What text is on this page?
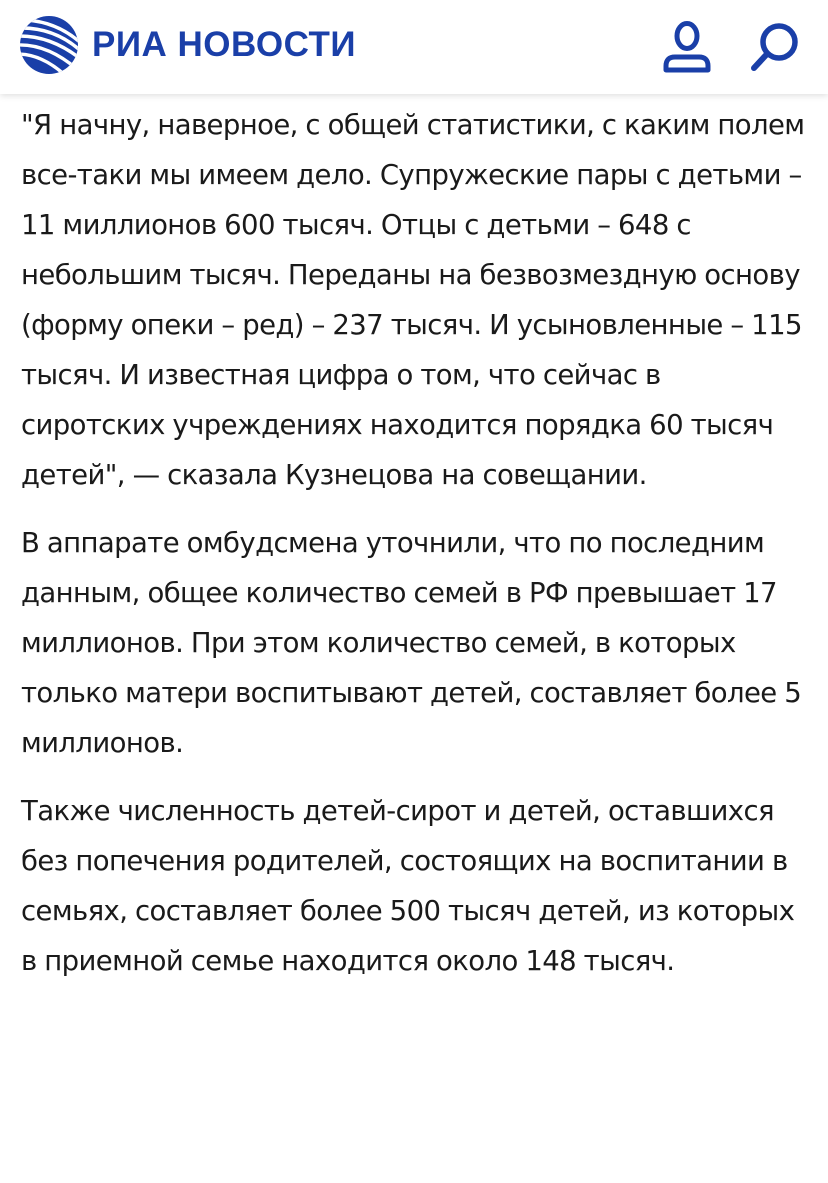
РИА НОВОСТИ

"Я начну, наверное, с общей статистики, с каким полем все-таки мы имеем дело. Супружеские пары с детьми – 11 миллионов 600 тысяч. Отцы с детьми – 648 с небольшим тысяч. Переданы на безвозмездную основу (форму опеки – ред) – 237 тысяч. И усыновленные – 115 тысяч. И известная цифра о том, что сейчас в сиротских учреждениях находится порядка 60 тысяч детей", — сказала Кузнецова на совещании.

В аппарате омбудсмена уточнили, что по последним данным, общее количество семей в РФ превышает 17 миллионов. При этом количество семей, в которых только матери воспитывают детей, составляет более 5 миллионов.

Также численность детей-сирот и детей, оставшихся без попечения родителей, состоящих на воспитании в семьях, составляет более 500 тысяч детей, из которых в приемной семье находится около 148 тысяч.
